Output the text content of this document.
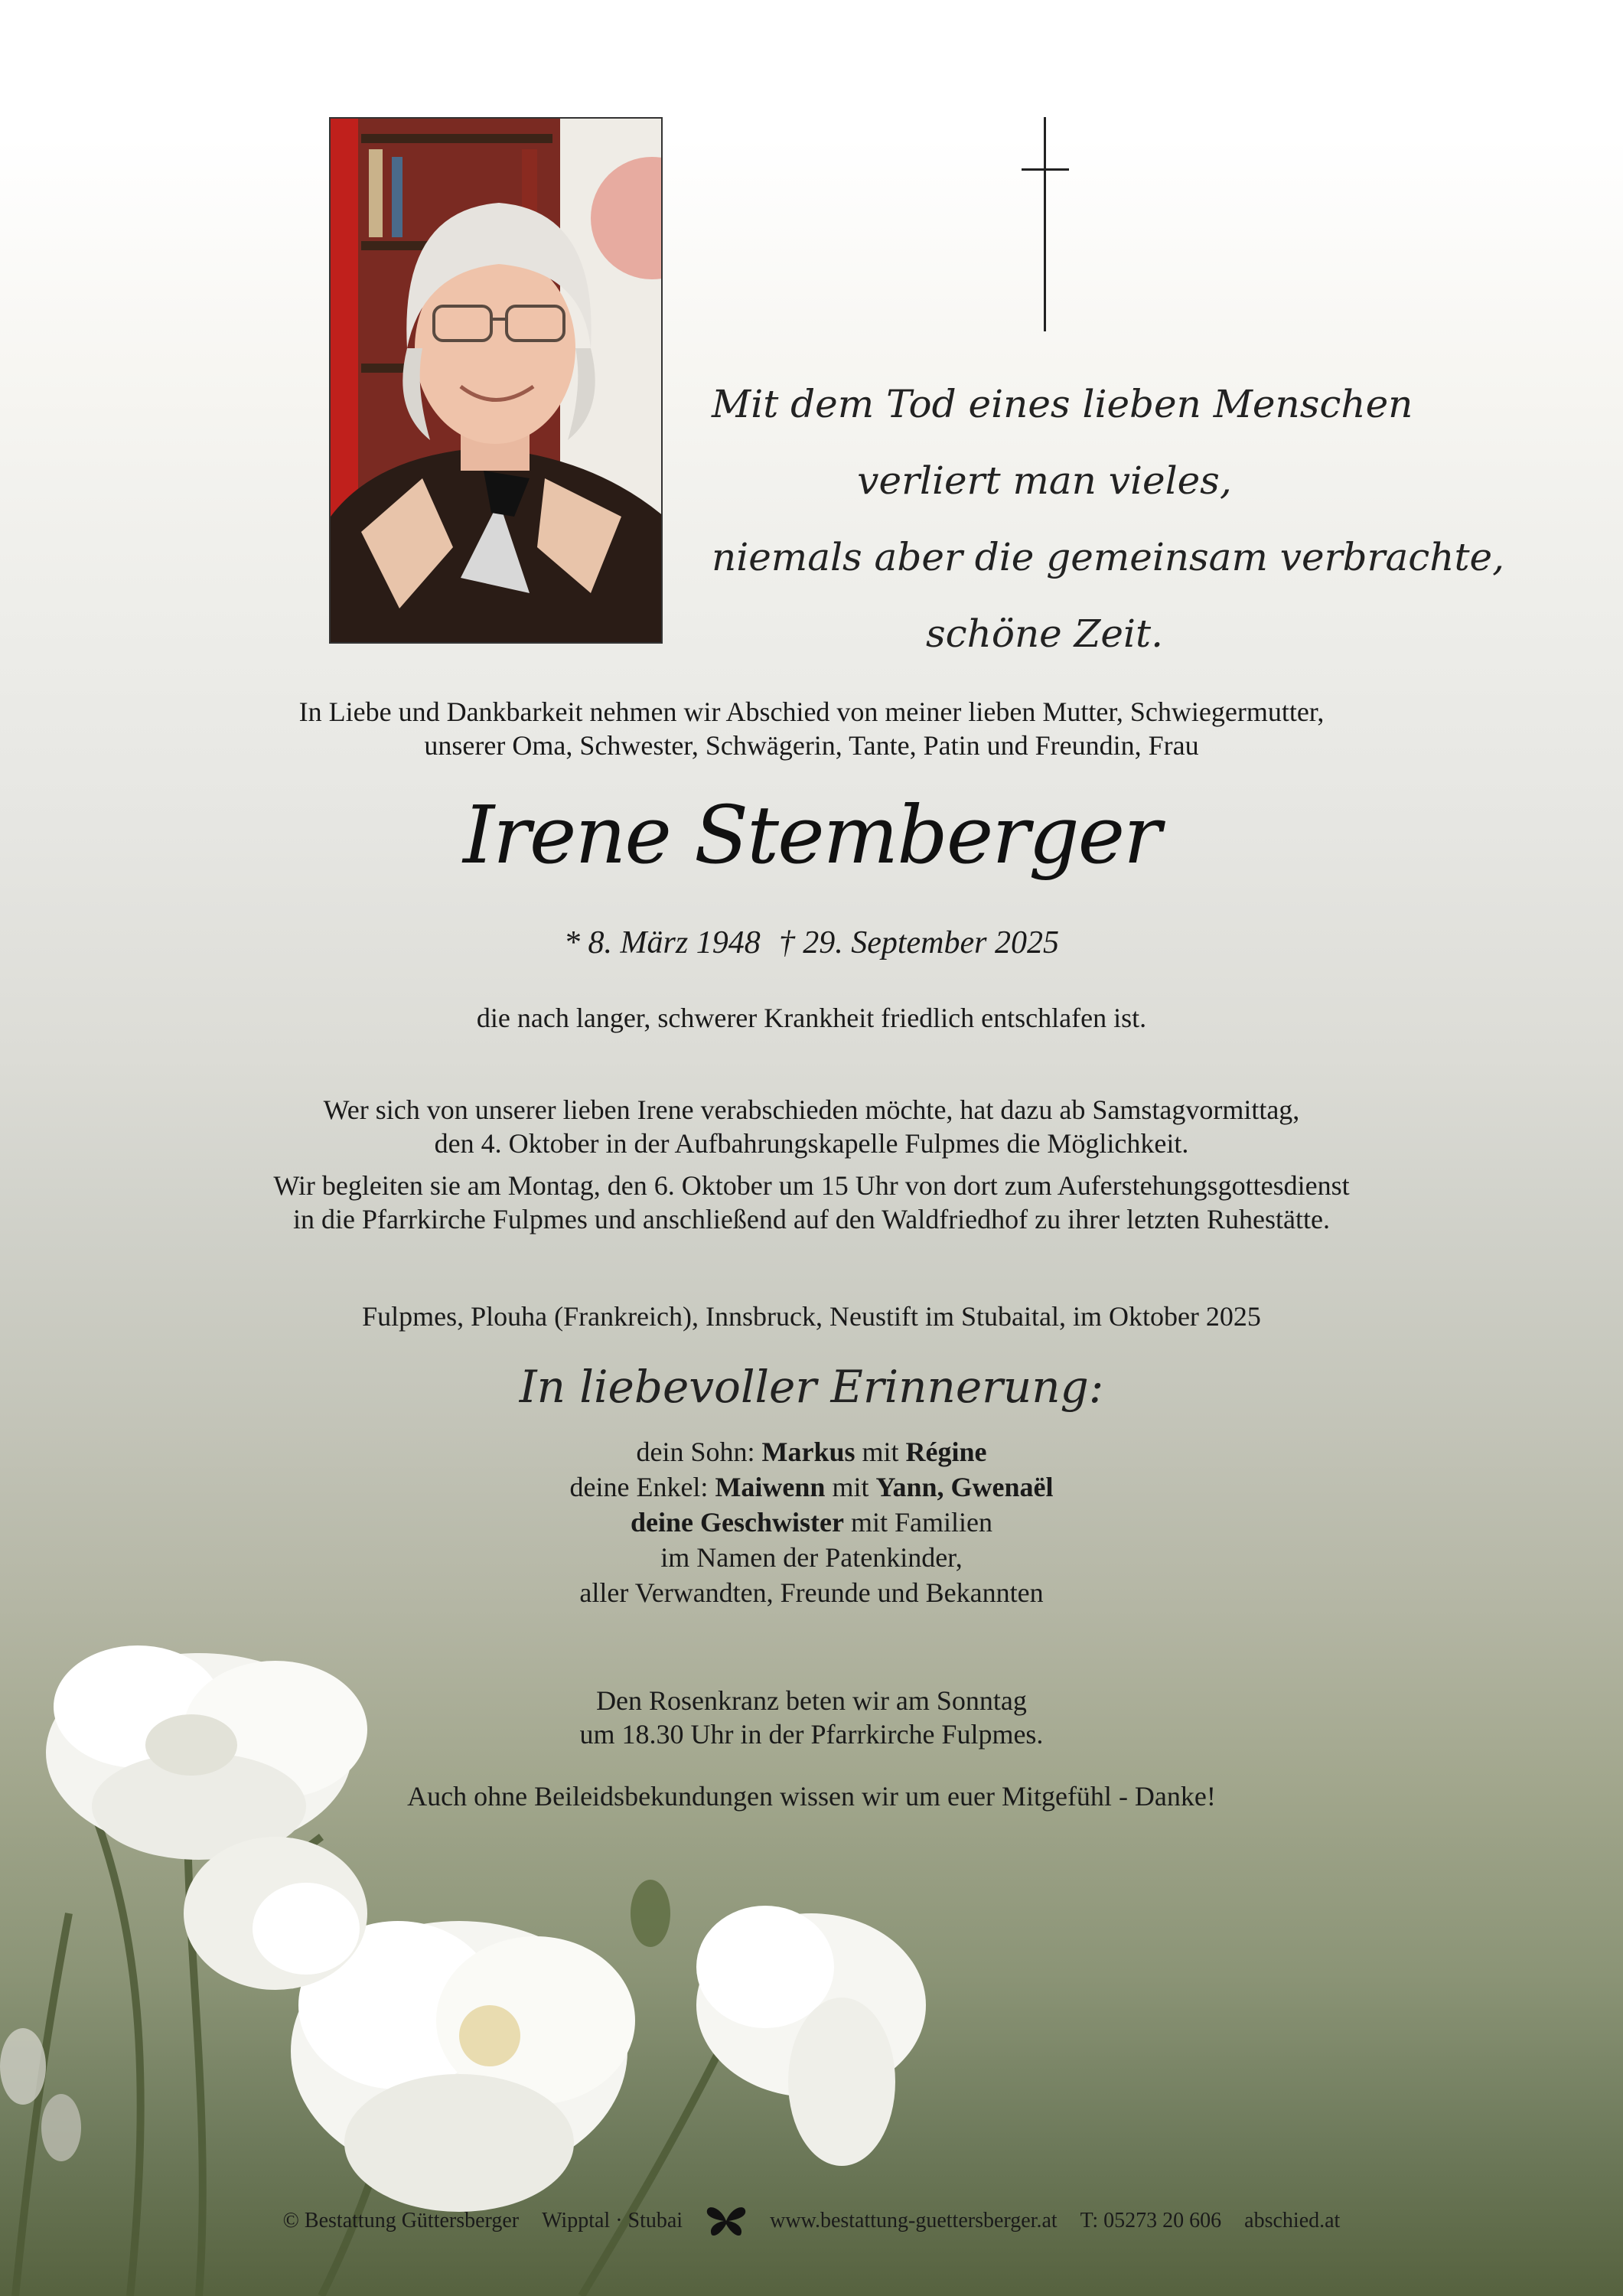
Mit dem Tod eines lieben Menschen
verliert man vieles,
niemals aber die gemeinsam verbrachte,
schöne Zeit.
In Liebe und Dankbarkeit nehmen wir Abschied von meiner lieben Mutter, Schwiegermutter,
unserer Oma, Schwester, Schwägerin, Tante, Patin und Freundin, Frau
Irene Stemberger
* 8. März 1948 † 29. September 2025
die nach langer, schwerer Krankheit friedlich entschlafen ist.
Wer sich von unserer lieben Irene verabschieden möchte, hat dazu ab Samstagvormittag,
den 4. Oktober in der Aufbahrungskapelle Fulpmes die Möglichkeit.
Wir begleiten sie am Montag, den 6. Oktober um 15 Uhr von dort zum Auferstehungsgottesdienst
in die Pfarrkirche Fulpmes und anschließend auf den Waldfriedhof zu ihrer letzten Ruhestätte.
Fulpmes, Plouha (Frankreich), Innsbruck, Neustift im Stubaital, im Oktober 2025
In liebevoller Erinnerung:
dein Sohn: Markus mit Régine
deine Enkel: Maiwenn mit Yann, Gwenaël
deine Geschwister mit Familien
im Namen der Patenkinder,
aller Verwandten, Freunde und Bekannten
Den Rosenkranz beten wir am Sonntag
um 18.30 Uhr in der Pfarrkirche Fulpmes.
Auch ohne Beileidsbekundungen wissen wir um euer Mitgefühl - Danke!
© Bestattung Güttersberger Wipptal · Stubai	www.bestattung-guettersberger.at T: 05273 20 606 abschied.at
